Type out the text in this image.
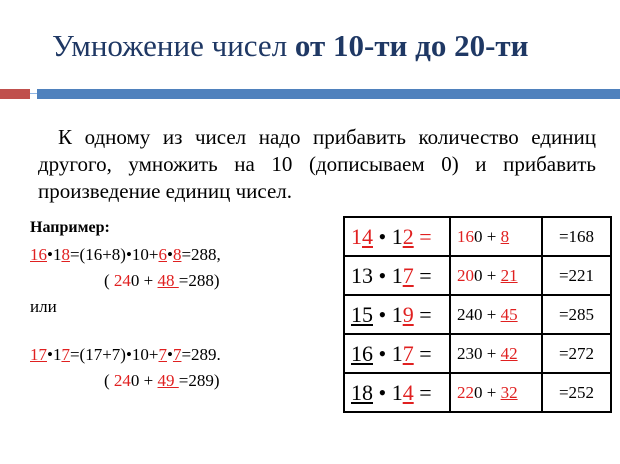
Умножение чисел от 10-ти до 20-ти
К одному из чисел надо прибавить количество единиц другого, умножить на 10 (дописываем 0) и прибавить произведение единиц чисел.
Например:
16•18=(16+8)•10+6•8=288,
( 240 + 48 =288)
или
17•17=(17+7)•10+7•7=289.
( 240 + 49 =289)
14 • 12 =	160 + 8	=168
13 • 17 =	200 + 21	=221
15 • 19 =	240 + 45	=285
16 • 17 =	230 + 42	=272
18 • 14 =	220 + 32	=252
